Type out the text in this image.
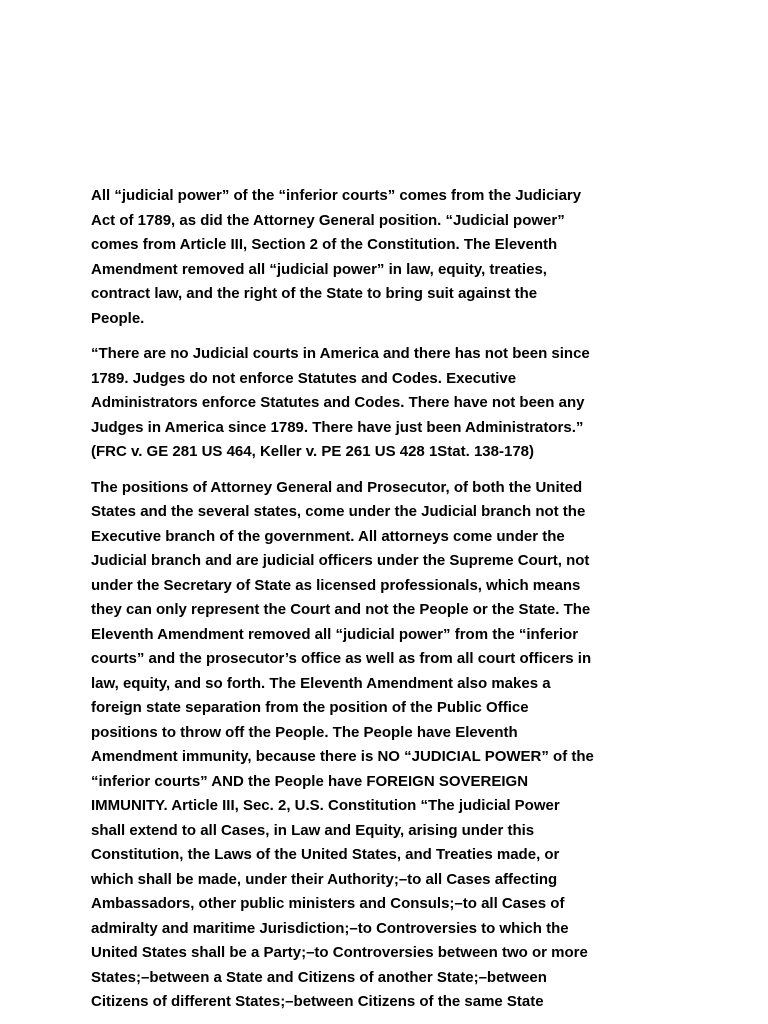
All “judicial power” of the “inferior courts” comes from the Judiciary
Act of 1789, as did the Attorney General position. “Judicial power”
comes from Article III, Section 2 of the Constitution. The Eleventh
Amendment removed all “judicial power” in law, equity, treaties,
contract law, and the right of the State to bring suit against the
People.

“There are no Judicial courts in America and there has not been since
1789. Judges do not enforce Statutes and Codes. Executive
Administrators enforce Statutes and Codes. There have not been any
Judges in America since 1789. There have just been Administrators.”
(FRC v. GE 281 US 464, Keller v. PE 261 US 428 1Stat. 138-178)

The positions of Attorney General and Prosecutor, of both the United
States and the several states, come under the Judicial branch not the
Executive branch of the government. All attorneys come under the
Judicial branch and are judicial officers under the Supreme Court, not
under the Secretary of State as licensed professionals, which means
they can only represent the Court and not the People or the State. The
Eleventh Amendment removed all “judicial power” from the “inferior
courts” and the prosecutor’s office as well as from all court officers in
law, equity, and so forth. The Eleventh Amendment also makes a
foreign state separation from the position of the Public Office
positions to throw off the People. The People have Eleventh
Amendment immunity, because there is NO “JUDICIAL POWER” of the
“inferior courts” AND the People have FOREIGN SOVEREIGN
IMMUNITY. Article III, Sec. 2, U.S. Constitution “The judicial Power
shall extend to all Cases, in Law and Equity, arising under this
Constitution, the Laws of the United States, and Treaties made, or
which shall be made, under their Authority;–to all Cases affecting
Ambassadors, other public ministers and Consuls;–to all Cases of
admiralty and maritime Jurisdiction;–to Controversies to which the
United States shall be a Party;–to Controversies between two or more
States;–between a State and Citizens of another State;–between
Citizens of different States;–between Citizens of the same State
